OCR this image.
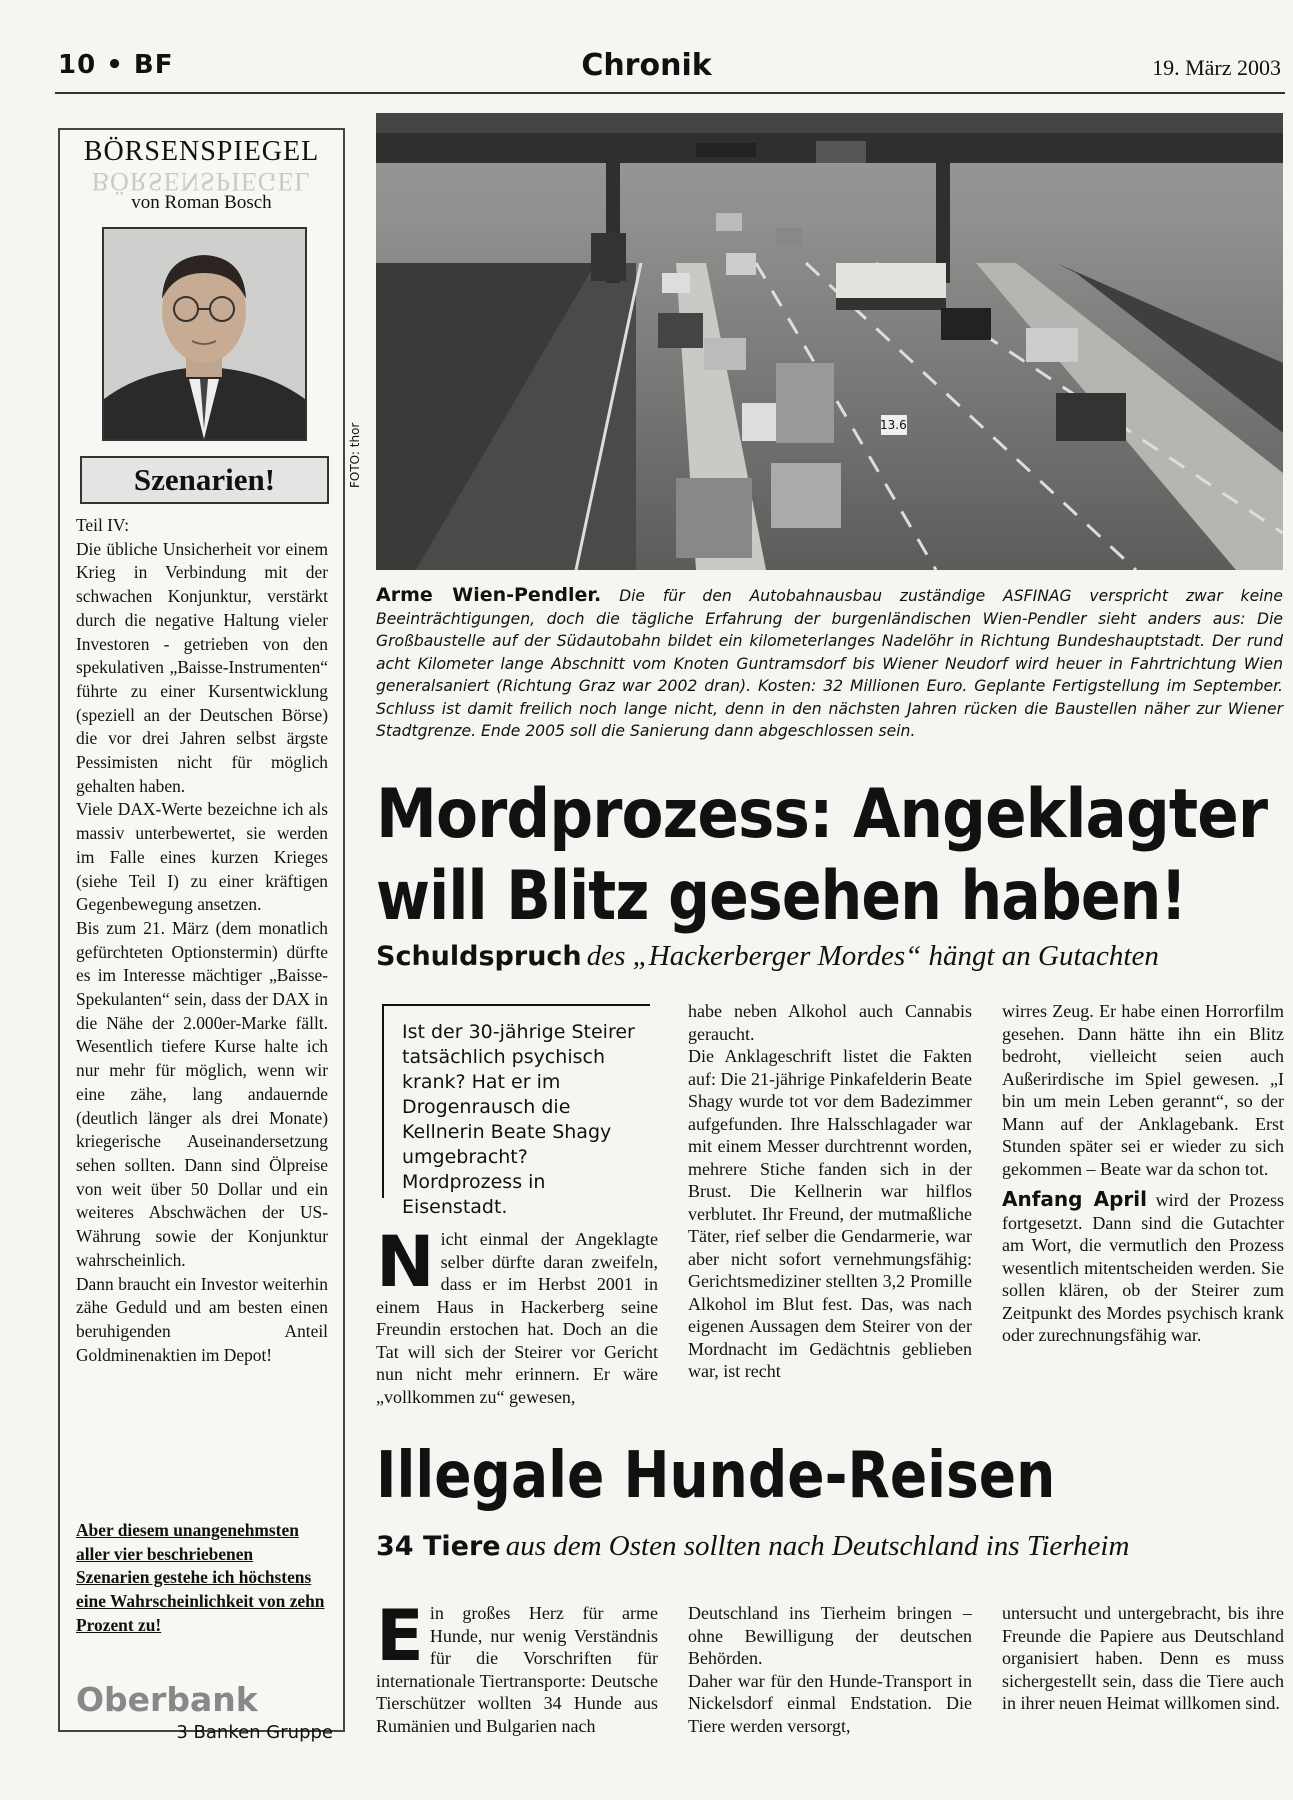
10 • BF	Chronik	19. März 2003
BÖRSENSPIEGEL
BÖRSENSPIEGEL
von Roman Bosch
Szenarien!

Teil IV:

Die übliche Unsicherheit vor einem Krieg in Verbindung mit der schwachen Konjunktur, verstärkt durch die negative Haltung vieler Investoren - getrieben von den spekulativen „Baisse-Instrumenten“ führte zu einer Kursentwicklung (speziell an der Deutschen Börse) die vor drei Jahren selbst ärgste Pessimisten nicht für möglich gehalten haben.

Viele DAX-Werte bezeichne ich als massiv unterbewertet, sie werden im Falle eines kurzen Krieges (siehe Teil I) zu einer kräftigen Gegenbewegung ansetzen.

Bis zum 21. März (dem monatlich gefürchteten Optionstermin) dürfte es im Interesse mächtiger „Baisse-Spekulanten“ sein, dass der DAX in die Nähe der 2.000er-Marke fällt. Wesentlich tiefere Kurse halte ich nur mehr für möglich, wenn wir eine zähe, lang andauernde (deutlich länger als drei Monate) kriegerische Auseinandersetzung sehen sollten. Dann sind Ölpreise von weit über 50 Dollar und ein weiteres Abschwächen der US-Währung sowie der Konjunktur wahrscheinlich.

Dann braucht ein Investor weiterhin zähe Geduld und am besten einen beruhigenden Anteil Goldminenaktien im Depot!

Aber diesem unangenehmsten aller vier beschriebenen Szenarien gestehe ich höchstens eine Wahrscheinlichkeit von zehn Prozent zu!
Oberbank
3 Banken Gruppe
13.6
FOTO: thor
Arme Wien-Pendler. Die für den Autobahnausbau zuständige ASFINAG verspricht zwar keine Beeinträchtigungen, doch die tägliche Erfahrung der burgenländischen Wien-Pendler sieht anders aus: Die Großbaustelle auf der Südautobahn bildet ein kilometerlanges Nadelöhr in Richtung Bundeshauptstadt. Der rund acht Kilometer lange Abschnitt vom Knoten Guntramsdorf bis Wiener Neudorf wird heuer in Fahrtrichtung Wien generalsaniert (Richtung Graz war 2002 dran). Kosten: 32 Millionen Euro. Geplante Fertigstellung im September. Schluss ist damit freilich noch lange nicht, denn in den nächsten Jahren rücken die Baustellen näher zur Wiener Stadtgrenze. Ende 2005 soll die Sanierung dann abgeschlossen sein.
Mordprozess: Angeklagter
will Blitz gesehen haben!
Schuldspruch des „Hackerberger Mordes“ hängt an Gutachten
Ist der 30-jährige Steirer tatsächlich psychisch krank? Hat er im Drogenrausch die Kellnerin Beate Shagy umgebracht? Mordprozess in Eisenstadt.
Nicht einmal der Angeklagte selber dürfte daran zweifeln, dass er im Herbst 2001 in einem Haus in Hackerberg seine Freundin erstochen hat. Doch an die Tat will sich der Steirer vor Gericht nun nicht mehr erinnern. Er wäre „vollkommen zu“ gewesen,

habe neben Alkohol auch Cannabis geraucht.

Die Anklageschrift listet die Fakten auf: Die 21-jährige Pinkafelderin Beate Shagy wurde tot vor dem Badezimmer aufgefunden. Ihre Halsschlagader war mit einem Messer durchtrennt worden, mehrere Stiche fanden sich in der Brust. Die Kellnerin war hilflos verblutet. Ihr Freund, der mutmaßliche Täter, rief selber die Gendarmerie, war aber nicht sofort vernehmungsfähig: Gerichtsmediziner stellten 3,2 Promille Alkohol im Blut fest. Das, was nach eigenen Aussagen dem Steirer von der Mordnacht im Gedächtnis geblieben war, ist recht

wirres Zeug. Er habe einen Horrorfilm gesehen. Dann hätte ihn ein Blitz bedroht, vielleicht seien auch Außerirdische im Spiel gewesen. „I bin um mein Leben gerannt“, so der Mann auf der Anklagebank. Erst Stunden später sei er wieder zu sich gekommen – Beate war da schon tot.

Anfang April wird der Prozess fortgesetzt. Dann sind die Gutachter am Wort, die vermutlich den Prozess wesentlich mitentscheiden werden. Sie sollen klären, ob der Steirer zum Zeitpunkt des Mordes psychisch krank oder zurechnungsfähig war.

Illegale Hunde-Reisen
34 Tiere aus dem Osten sollten nach Deutschland ins Tierheim
Ein großes Herz für arme Hunde, nur wenig Verständnis für die Vorschriften für internationale Tiertransporte: Deutsche Tierschützer wollten 34 Hunde aus Rumänien und Bulgarien nach

Deutschland ins Tierheim bringen – ohne Bewilligung der deutschen Behörden.

Daher war für den Hunde-Transport in Nickelsdorf einmal Endstation. Die Tiere werden versorgt,

untersucht und untergebracht, bis ihre Freunde die Papiere aus Deutschland organisiert haben. Denn es muss sichergestellt sein, dass die Tiere auch in ihrer neuen Heimat willkomen sind.
